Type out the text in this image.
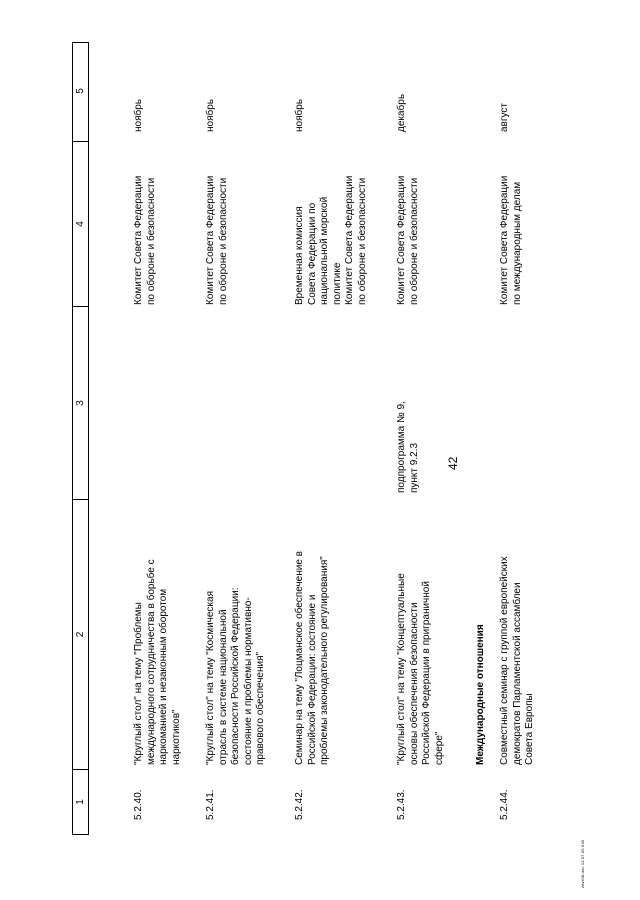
42
1
2
3
4
5
5.2.40.
"Круглый стол" на тему "Проблемы
международного сотрудничества в борьбе с
наркоманией и незаконным оборотом
наркотиков"
Комитет Совета Федерации
по обороне и безопасности
ноябрь
5.2.41.
"Круглый стол" на тему "Космическая
отрасль в системе национальной
безопасности Российской Федерации:
состояние и проблемы нормативно-
правового обеспечения"
Комитет Совета Федерации
по обороне и безопасности
ноябрь
5.2.42.
Семинар на тему "Лоцманское обеспечение в
Российской Федерации: состояние и
проблемы законодательного регулирования"
Временная комиссия
Совета Федерации по
национальной морской
политике
Комитет Совета Федерации
по обороне и безопасности
ноябрь
5.2.43.
"Круглый стол" на тему "Концептуальные
основы обеспечения безопасности
Российской Федерации в приграничной
сфере"
подпрограмма № 9,
пункт 9.2.3
Комитет Совета Федерации
по обороне и безопасности
декабрь
Международные отношения
5.2.44.
Совместный семинар с группой европейских
демократов Парламентской ассамблеи
Совета Европы
Комитет Совета Федерации
по международным делам
август
zavr08.doc 11.07.05 645
